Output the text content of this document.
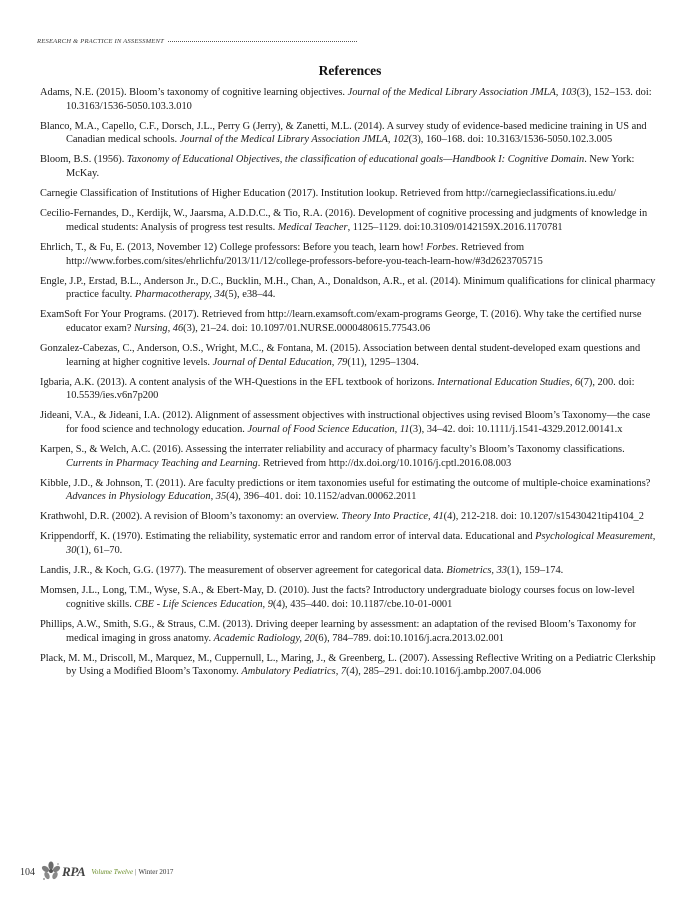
RESEARCH & PRACTICE IN ASSESSMENT
References
Adams, N.E. (2015). Bloom’s taxonomy of cognitive learning objectives. Journal of the Medical Library Association JMLA, 103(3), 152–153. doi: 10.3163/1536-5050.103.3.010
Blanco, M.A., Capello, C.F., Dorsch, J.L., Perry G (Jerry), & Zanetti, M.L. (2014). A survey study of evidence-based medicine training in US and Canadian medical schools. Journal of the Medical Library Association JMLA, 102(3), 160–168. doi: 10.3163/1536-5050.102.3.005
Bloom, B.S. (1956). Taxonomy of Educational Objectives, the classification of educational goals—Handbook I: Cognitive Domain. New York: McKay.
Carnegie Classification of Institutions of Higher Education (2017). Institution lookup. Retrieved from http://carnegieclassifications.iu.edu/
Cecilio-Fernandes, D., Kerdijk, W., Jaarsma, A.D.D.C., & Tio, R.A. (2016). Development of cognitive processing and judgments of knowledge in medical students: Analysis of progress test results. Medical Teacher, 1125–1129. doi:10.3109/0142159X.2016.1170781
Ehrlich, T., & Fu, E. (2013, November 12) College professors: Before you teach, learn how! Forbes. Retrieved from http://www.forbes.com/sites/ehrlichfu/2013/11/12/college-professors-before-you-teach-learn-how/#3d2623705715
Engle, J.P., Erstad, B.L., Anderson Jr., D.C., Bucklin, M.H., Chan, A., Donaldson, A.R., et al. (2014). Minimum qualifications for clinical pharmacy practice faculty. Pharmacotherapy, 34(5), e38–44.
ExamSoft For Your Programs. (2017). Retrieved from http://learn.examsoft.com/exam-programs George, T. (2016). Why take the certified nurse educator exam? Nursing, 46(3), 21–24. doi: 10.1097/01.NURSE.0000480615.77543.06
Gonzalez-Cabezas, C., Anderson, O.S., Wright, M.C., & Fontana, M. (2015). Association between dental student-developed exam questions and learning at higher cognitive levels. Journal of Dental Education, 79(11), 1295–1304.
Igbaria, A.K. (2013). A content analysis of the WH-Questions in the EFL textbook of horizons. International Education Studies, 6(7), 200. doi: 10.5539/ies.v6n7p200
Jideani, V.A., & Jideani, I.A. (2012). Alignment of assessment objectives with instructional objectives using revised Bloom’s Taxonomy—the case for food science and technology education. Journal of Food Science Education, 11(3), 34–42. doi: 10.1111/j.1541-4329.2012.00141.x
Karpen, S., & Welch, A.C. (2016). Assessing the interrater reliability and accuracy of pharmacy faculty’s Bloom’s Taxonomy classifications. Currents in Pharmacy Teaching and Learning. Retrieved from http://dx.doi.org/10.1016/j.cptl.2016.08.003
Kibble, J.D., & Johnson, T. (2011). Are faculty predictions or item taxonomies useful for estimating the outcome of multiple-choice examinations? Advances in Physiology Education, 35(4), 396–401. doi: 10.1152/advan.00062.2011
Krathwohl, D.R. (2002). A revision of Bloom’s taxonomy: an overview. Theory Into Practice, 41(4), 212-218. doi: 10.1207/s15430421tip4104_2
Krippendorff, K. (1970). Estimating the reliability, systematic error and random error of interval data. Educational and Psychological Measurement, 30(1), 61–70.
Landis, J.R., & Koch, G.G. (1977). The measurement of observer agreement for categorical data. Biometrics, 33(1), 159–174.
Momsen, J.L., Long, T.M., Wyse, S.A., & Ebert-May, D. (2010). Just the facts? Introductory undergraduate biology courses focus on low-level cognitive skills. CBE - Life Sciences Education, 9(4), 435–440. doi: 10.1187/cbe.10-01-0001
Phillips, A.W., Smith, S.G., & Straus, C.M. (2013). Driving deeper learning by assessment: an adaptation of the revised Bloom’s Taxonomy for medical imaging in gross anatomy. Academic Radiology, 20(6), 784–789. doi:10.1016/j.acra.2013.02.001
Plack, M. M., Driscoll, M., Marquez, M., Cuppernull, L., Maring, J., & Greenberg, L. (2007). Assessing Reflective Writing on a Pediatric Clerkship by Using a Modified Bloom’s Taxonomy. Ambulatory Pediatrics, 7(4), 285–291. doi:10.1016/j.ambp.2007.04.006
104 RPA Volume Twelve | Winter 2017
